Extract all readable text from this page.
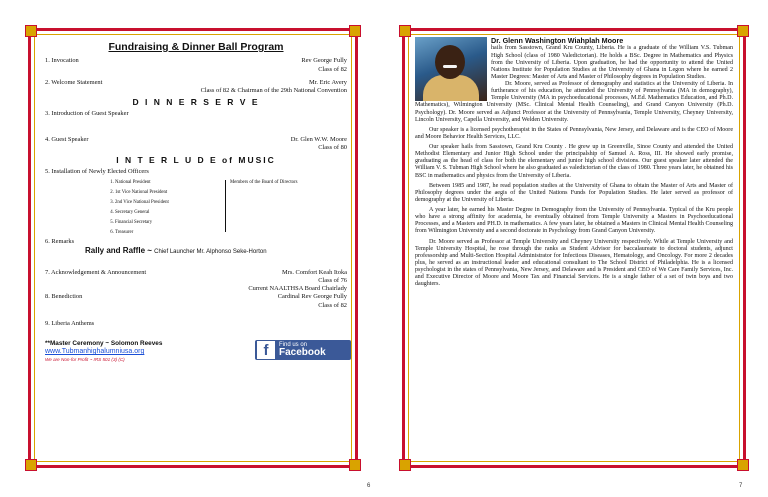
Fundraising & Dinner Ball Program
1. Invocation	Rev George Fully
Class of 82
2. Welcome Statement	Mr. Eric Avery
Class of 82 & Chairman of the 29th National Convention
D I N N E R S E R V E
3. Introduction of Guest Speaker
4. Guest Speaker	Dr. Glen W.W. Moore
Class of 80
I N T E R L U D E of MUSIC
5. Installation of Newly Elected Officers
1. National President
2. 1st Vice National President
3. 2nd Vice National President
4. Secretary General
5. Financial Secretary
6. Treasurer
Members of the Board of Directors
6. Remarks
Rally and Raffle ~ Chief Launcher Mr. Alphonso Seke-Horton
7. Acknowledgement & Announcement	Mrs. Comfort Keah Itoka
Class of 76
Current NAALTHSA Board Chairlady
8. Benediction	Cardinal Rev George Fully
Class of 82
9. Liberia Anthems
**Master Ceremony ~ Solomon Reeves
www.Tubmanhighalumniusa.org
We are Non-for Profit ~ IRS 501 (3) (C)
f	Find us on
Facebook
6
Dr. Glenn Washington Wiahplah Moore

hails from Sasstown, Grand Kru County, Liberia. He is a graduate of the William V.S. Tubman High School (class of 1980 Valedictorian). He holds a BSc. Degree in Mathematics and Physics from the University of Liberia. Upon graduation, he had the opportunity to attend the United Nations Institute for Population Studies at the University of Ghana in Legon where he earned 2 Master Degrees: Master of Arts and Master of Philosophy degrees in Population Studies.

Dr. Moore, served as Professor of demography and statistics at the University of Liberia. In furtherance of his education, he attended the University of Pennsylvania (MA in demography), Temple University (MA in psychoeducational processes, M.Ed. Mathematics Education, and Ph.D. Mathematics), Wilmington University (MSc. Clinical Mental Health Counseling), and Grand Canyon University (Ph.D. Psychology). Dr. Moore served as Adjunct Professor at the University of Pennsylvania, Temple University, Cheyney University, Lincoln University, Capella University, and Welden University.

Our speaker is a licensed psychotherapist in the States of Pennsylvania, New Jersey, and Delaware and is the CEO of Moore and Moore Behavior Health Services, LLC.

Our speaker hails from Sasstown, Grand Kru County . He grew up in Greenville, Sinoe County and attended the United Methodist Elementary and Junior High School under the principalship of Samuel A. Ross, III. He showed early promise, graduating as the head of class for both the elementary and junior high school divisions. Our guest speaker later attended the William V. S. Tubman High School where he also graduated as valedictorian of the class of 1980. Three years later, he obtained his BSC in mathematics and physics from the University of Liberia.

Between 1985 and 1987, he read population studies at the University of Ghana to obtain the Master of Arts and Master of Philosophy degrees under the aegis of the United Nations Funds for Population Studies. He later served as professor of demography at the University of Liberia.

A year later, he earned his Master Degree in Demography from the University of Pennsylvania. Typical of the Kru people who have a strong affinity for academia, he eventually obtained from Temple University a Masters in Psychoeducational Processes, and a Masters and PH.D. in mathematics. A few years later, he obtained a Masters in Clinical Mental Health Counseling from Wilmington University and a second doctorate in Psychology from Grand Canyon University.

Dr. Moore served as Professor at Temple University and Cheyney University respectively. While at Temple University and Temple University Hospital, he rose through the ranks as Student Advisor for baccalaureate to doctoral students, adjunct professorship and Multi-Section Hospital Administrator for Infectious Diseases, Hematology, and Oncology. For more 2 decades plus, he served as an instructional leader and educational consultant to The School District of Philadelphia. He is a licensed psychologist in the states of Pennsylvania, New Jersey, and Delaware and is President and CEO of We Care Family Services, Inc. and Executive Director of Moore and Moore Tax and Financial Services. He is a single father of a set of twin boys and two daughters.

7
